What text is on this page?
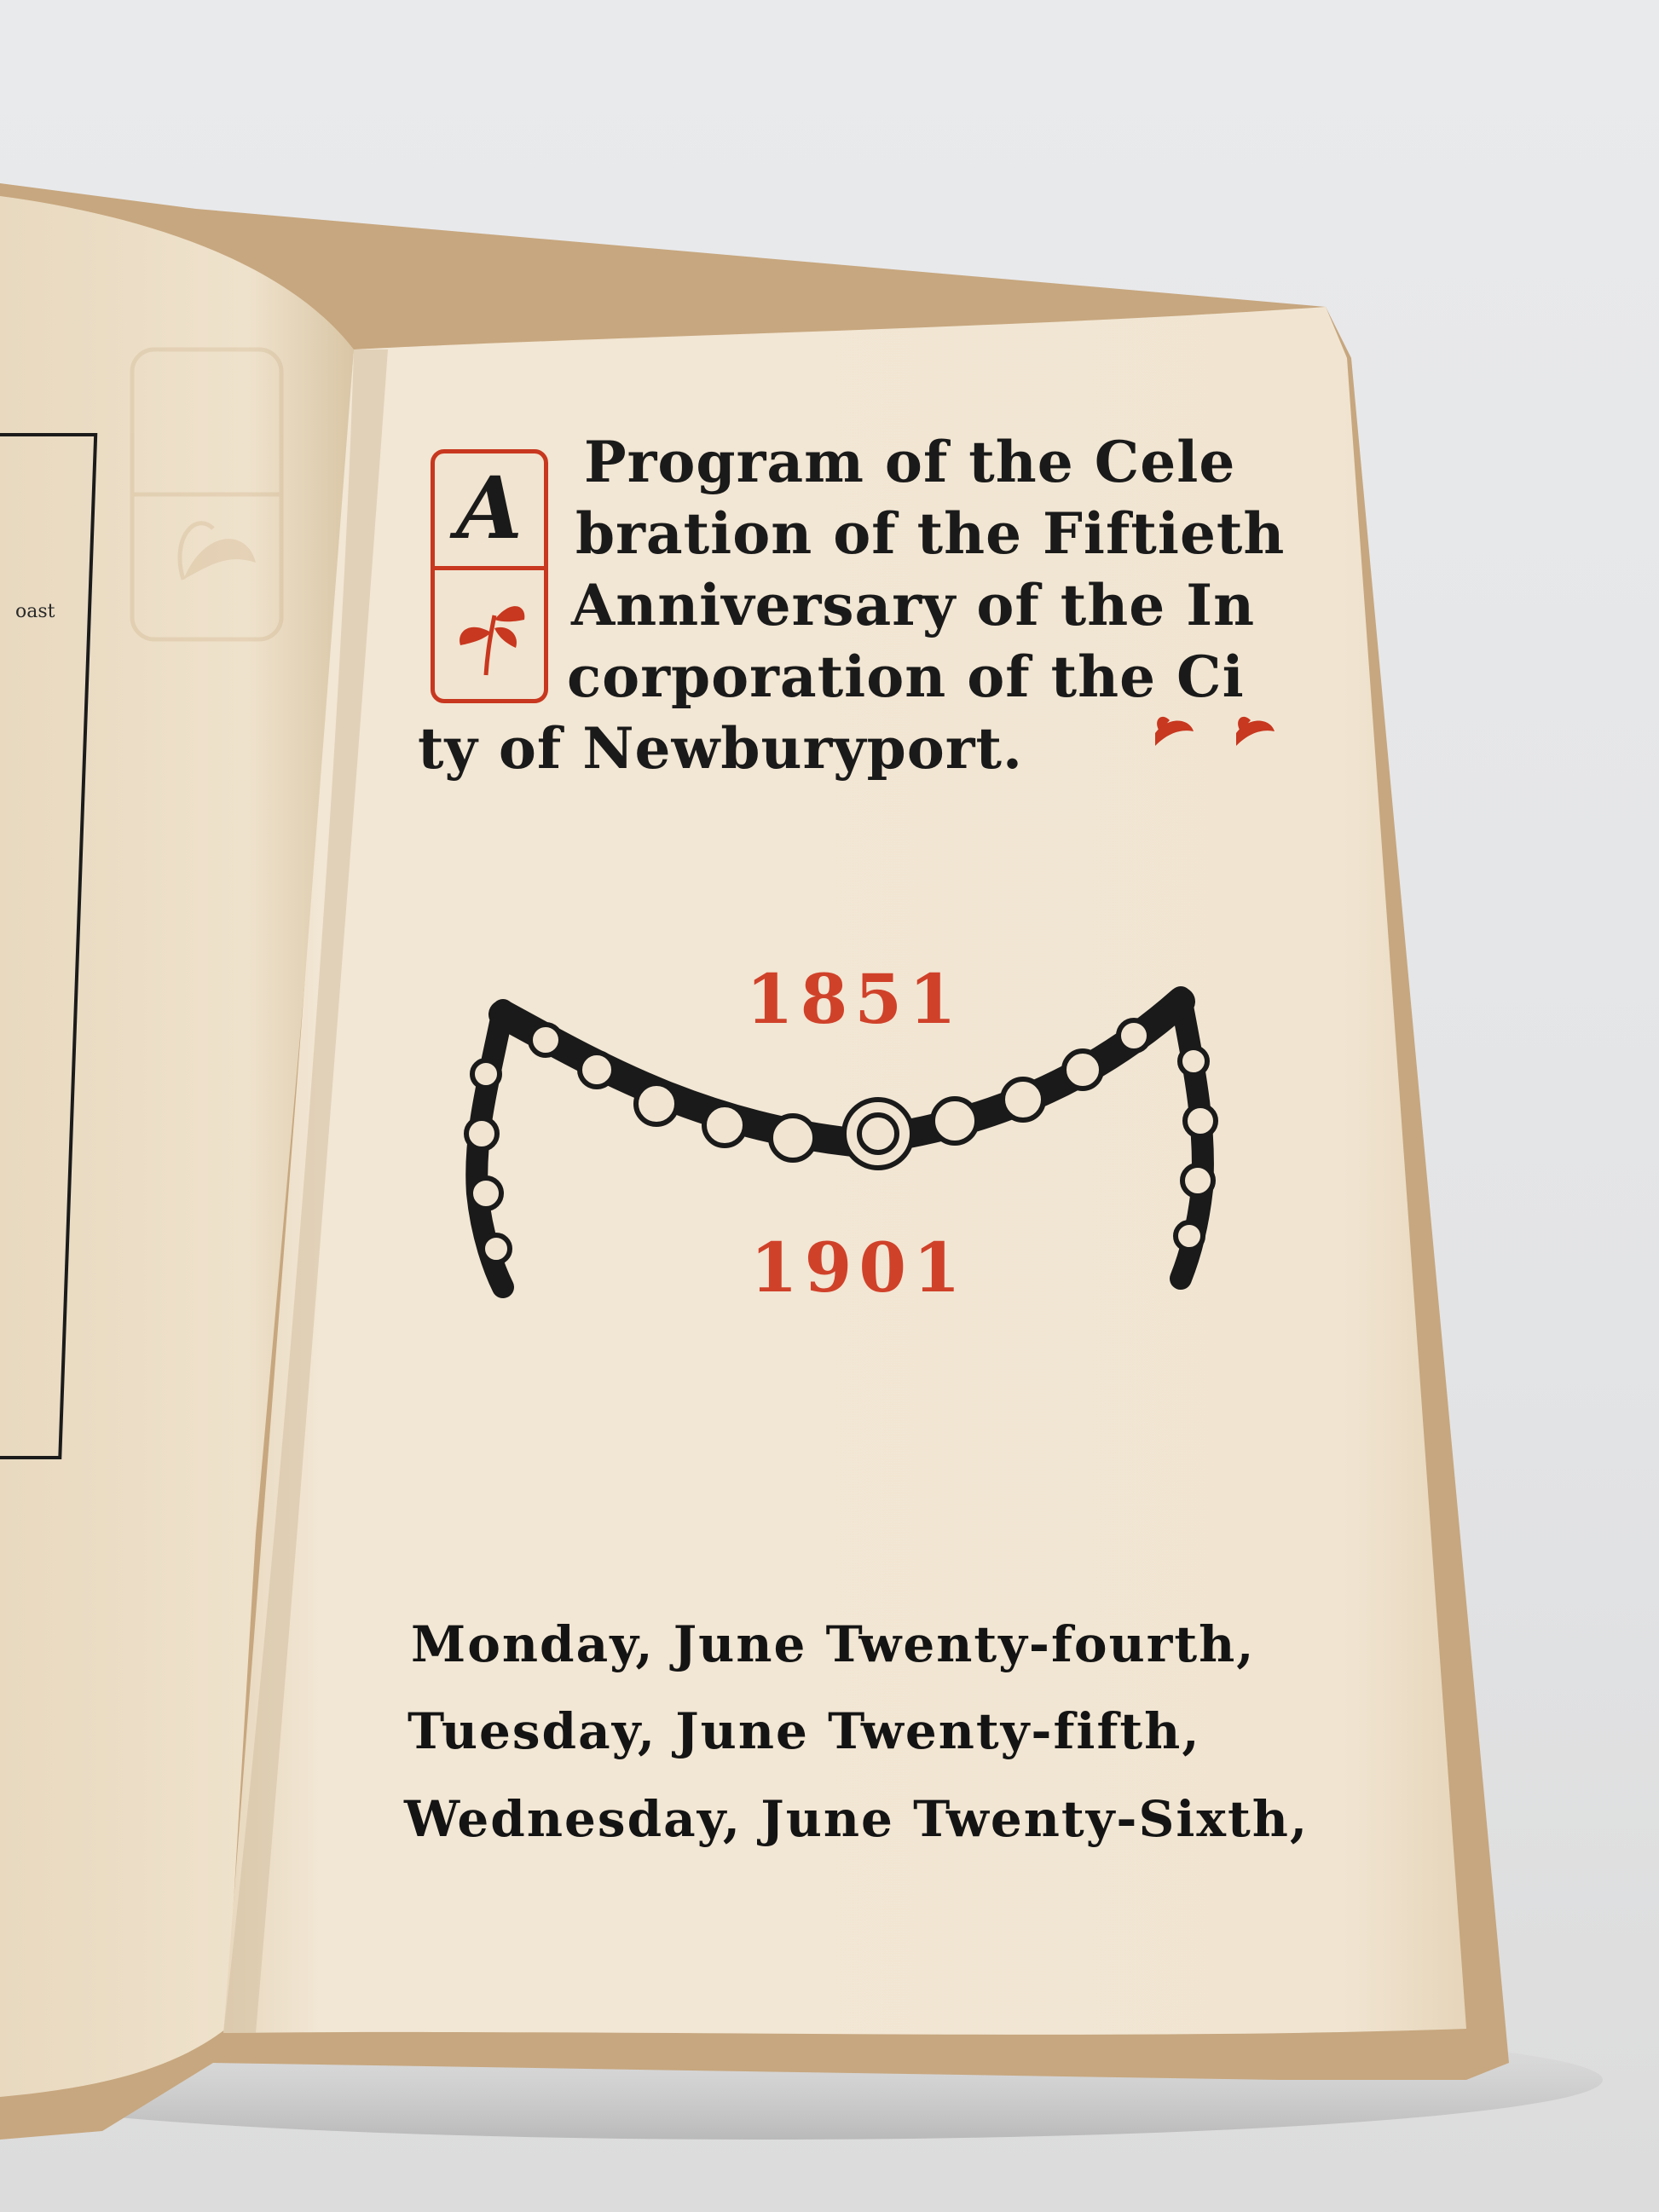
oast
A	Program of the Cele
bration of the Fiftieth
Anniversary of the In
corporation of the Ci
ty of Newburyport.
1851
1901
Monday, June Twenty-fourth,
Tuesday, June Twenty-fifth,
Wednesday, June Twenty-Sixth,
